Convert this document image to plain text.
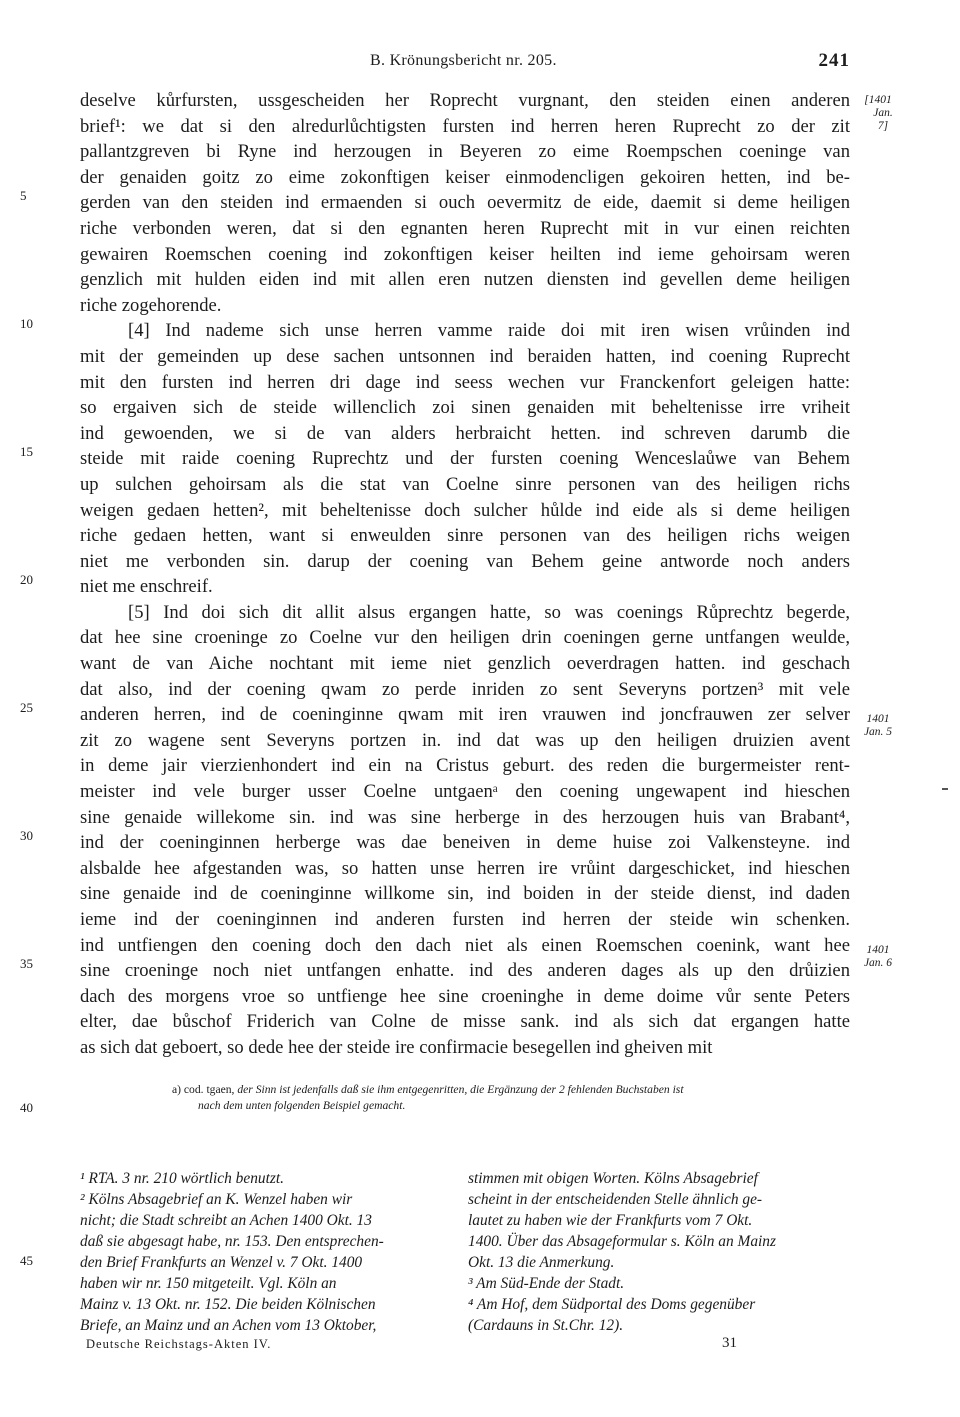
B. Krönungsbericht nr. 205.	241
deselve kůrfursten, ussgescheiden her Roprecht vurgnant, den steiden einen anderen
brief¹: we dat si den alredurlůchtigsten fursten ind herren heren Ruprecht zo der zit
pallantzgreven bi Ryne ind herzougen in Beyeren zo eime Roempschen coeninge van
der genaiden goitz zo eime zokonftigen keiser einmodencligen gekoiren hetten, ind be-
gerden van den steiden ind ermaenden si ouch oevermitz de eide, daemit si deme heiligen
riche verbonden weren, dat si den egnanten heren Ruprecht mit in vur einen reichten
gewairen Roemschen coening ind zokonftigen keiser heilten ind ieme gehoirsam weren
genzlich mit hulden eiden ind mit allen eren nutzen diensten ind gevellen deme heiligen
riche zogehorende.
[4] Ind nademe sich unse herren vamme raide doi mit iren wisen vrůinden ind
mit der gemeinden up dese sachen untsonnen ind beraiden hatten, ind coening Ruprecht
mit den fursten ind herren dri dage ind seess wechen vur Franckenfort geleigen hatte:
so ergaiven sich de steide willenclich zoi sinen genaiden mit beheltenisse irre vriheit
ind gewoenden, we si de van alders herbraicht hetten. ind schreven darumb die
steide mit raide coening Ruprechtz und der fursten coening Wenceslaůwe van Behem
up sulchen gehoirsam als die stat van Coelne sinre personen van des heiligen richs
weigen gedaen hetten², mit beheltenisse doch sulcher hůlde ind eide als si deme heiligen
riche gedaen hetten, want si enweulden sinre personen van des heiligen richs weigen
niet me verbonden sin. darup der coening van Behem geine antworde noch anders
niet me enschreif.
[5] Ind doi sich dit allit alsus ergangen hatte, so was coenings Růprechtz begerde,
dat hee sine croeninge zo Coelne vur den heiligen drin coeningen gerne untfangen weulde,
want de van Aiche nochtant mit ieme niet genzlich oeverdragen hatten. ind geschach
dat also, ind der coening qwam zo perde inriden zo sent Severyns portzen³ mit vele
anderen herren, ind de coeninginne qwam mit iren vrauwen ind joncfrauwen zer selver
zit zo wagene sent Severyns portzen in. ind dat was up den heiligen druizien avent
in deme jair vierzienhondert ind ein na Cristus geburt. des reden die burgermeister rent-
meister ind vele burger usser Coelne untgaenᵃ den coening ungewapent ind hieschen
sine genaide willekome sin. ind was sine herberge in des herzougen huis van Brabant⁴,
ind der coeninginnen herberge was dae beneiven in deme huise zoi Valkensteyne. ind
alsbalde hee afgestanden was, so hatten unse herren ire vrůint dargeschicket, ind hieschen
sine genaide ind de coeninginne willkome sin, ind boiden in der steide dienst, ind daden
ieme ind der coeninginnen ind anderen fursten ind herren der steide win schenken.
ind untfiengen den coening doch den dach niet als einen Roemschen coenink, want hee
sine croeninge noch niet untfangen enhatte. ind des anderen dages als up den drůizien
dach des morgens vroe so untfienge hee sine croeninghe in deme doime vůr sente Peters
elter, dae bůschof Friderich van Colne de misse sank. ind als sich dat ergangen hatte
as sich dat geboert, so dede hee der steide ire confirmacie besegellen ind gheiven mit
5
10
15
20
25
30
35
40
45
[1401
Jan. 7]
1401
Jan. 5
1401
Jan. 6
a) cod. tgaen, der Sinn ist jedenfalls daß sie ihm entgegenritten, die Ergänzung der 2 fehlenden Buchstaben ist
nach dem unten folgenden Beispiel gemacht.
¹ RTA. 3 nr. 210 wörtlich benutzt.
² Kölns Absagebrief an K. Wenzel haben wir
nicht; die Stadt schreibt an Achen 1400 Okt. 13
daß sie abgesagt habe, nr. 153. Den entsprechen-
den Brief Frankfurts an Wenzel v. 7 Okt. 1400
haben wir nr. 150 mitgeteilt. Vgl. Köln an
Mainz v. 13 Okt. nr. 152. Die beiden Kölnischen
Briefe, an Mainz und an Achen vom 13 Oktober,
stimmen mit obigen Worten. Kölns Absagebrief
scheint in der entscheidenden Stelle ähnlich ge-
lautet zu haben wie der Frankfurts vom 7 Okt.
1400. Über das Absageformular s. Köln an Mainz
Okt. 13 die Anmerkung.
³ Am Süd-Ende der Stadt.
⁴ Am Hof, dem Südportal des Doms gegenüber
(Cardauns in St.Chr. 12).
Deutsche Reichstags-Akten IV.	31
